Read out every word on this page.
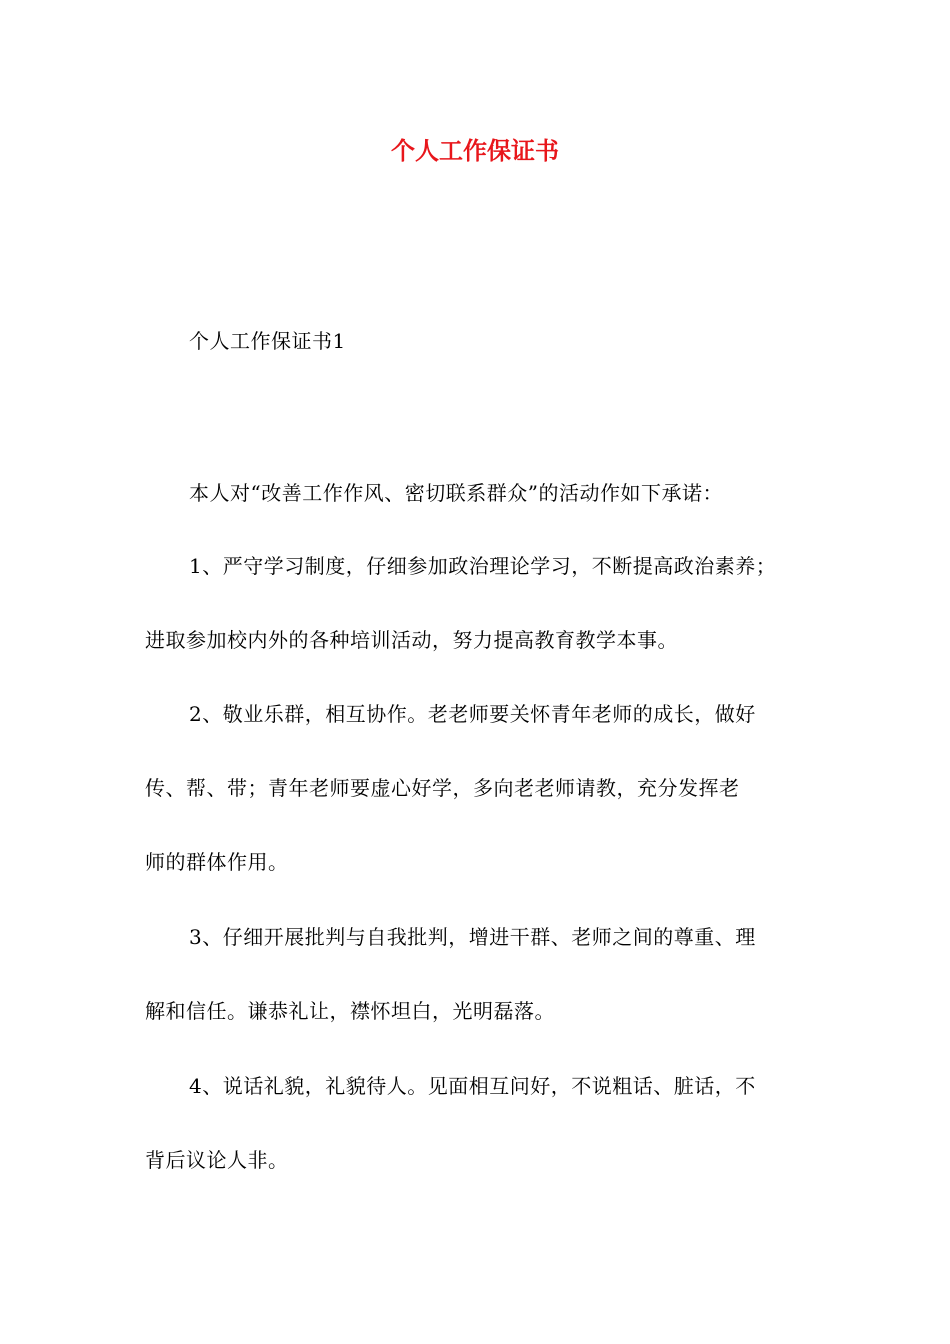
个人工作保证书

个人工作保证书1

本人对“改善工作作风、密切联系群众”的活动作如下承诺：

1、严守学习制度，仔细参加政治理论学习，不断提高政治素养；

进取参加校内外的各种培训活动，努力提高教育教学本事。

2、敬业乐群，相互协作。老老师要关怀青年老师的成长，做好

传、帮、带；青年老师要虚心好学，多向老老师请教，充分发挥老

师的群体作用。

3、仔细开展批判与自我批判，增进干群、老师之间的尊重、理

解和信任。谦恭礼让，襟怀坦白，光明磊落。

4、说话礼貌，礼貌待人。见面相互问好，不说粗话、脏话，不

背后议论人非。
